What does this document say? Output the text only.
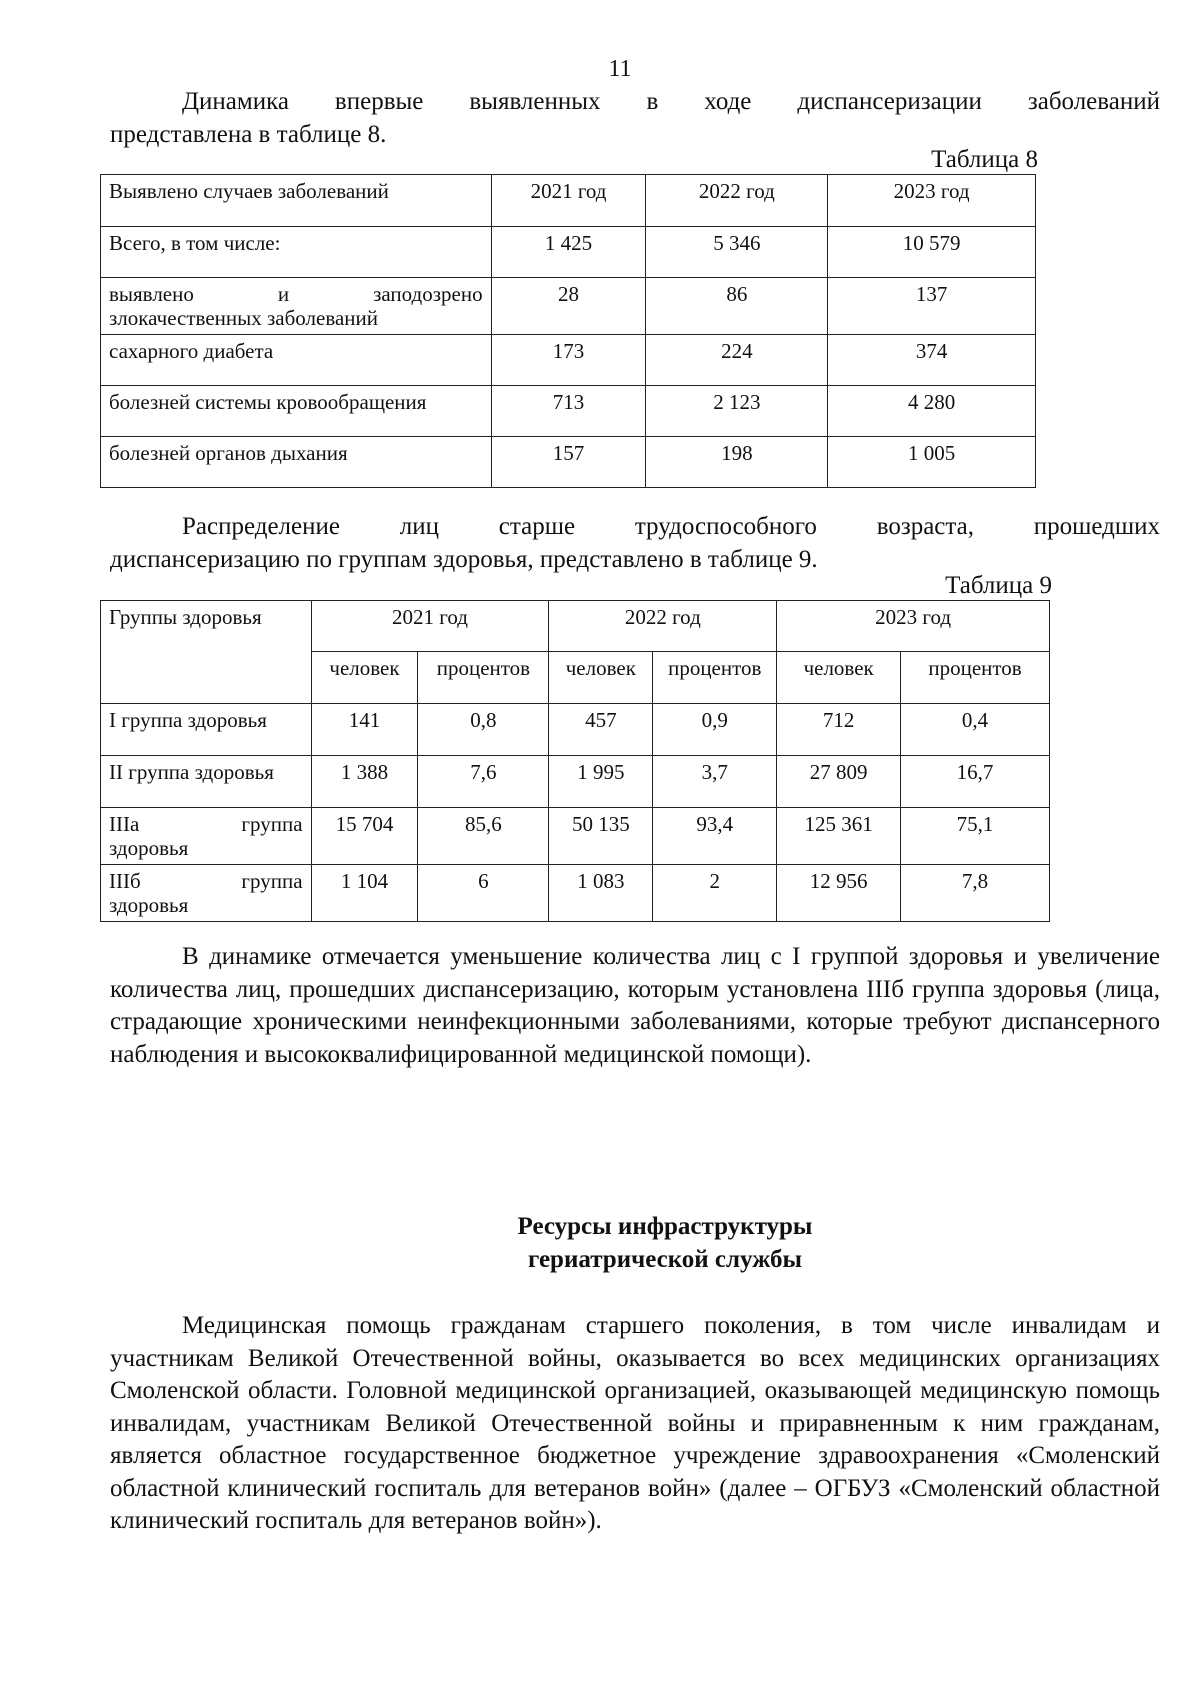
11

Динамика впервые выявленных в ходе диспансеризации заболеваний
представлена в таблице 8.

Таблица 8
Выявлено случаев заболеваний	2021 год	2022 год	2023 год
Всего, в том числе:	1 425	5 346	10 579

выявлено и заподозрено
злокачественных заболеваний	28	86	137
сахарного диабета	173	224	374
болезней системы кровообращения	713	2 123	4 280
болезней органов дыхания	157	198	1 005

Распределение лиц старше трудоспособного возраста, прошедших
диспансеризацию по группам здоровья, представлено в таблице 9.

Таблица 9
Группы здоровья	2021 год		2022 год		2023 год	
	человек	процентов	человек	процентов	человек	процентов
I группа здоровья	141	0,8	457	0,9	712	0,4
II группа здоровья	1 388	7,6	1 995	3,7	27 809	16,7

IIIа группа
здоровья	15 704	85,6	50 135	93,4	125 361	75,1

IIIб группа
здоровья	1 104	6	1 083	2	12 956	7,8

В динамике отмечается уменьшение количества лиц с I группой здоровья и увеличение количества лиц, прошедших диспансеризацию, которым установлена IIIб группа здоровья (лица, страдающие хроническими неинфекционными заболеваниями, которые требуют диспансерного наблюдения и высококвалифицированной медицинской помощи).

Ресурсы инфраструктуры
гериатрической службы

Медицинская помощь гражданам старшего поколения, в том числе инвалидам и участникам Великой Отечественной войны, оказывается во всех медицинских организациях Смоленской области. Головной медицинской организацией, оказывающей медицинскую помощь инвалидам, участникам Великой Отечественной войны и приравненным к ним гражданам, является областное государственное бюджетное учреждение здравоохранения «Смоленский областной клинический госпиталь для ветеранов войн» (далее – ОГБУЗ «Смоленский областной клинический госпиталь для ветеранов войн»).
